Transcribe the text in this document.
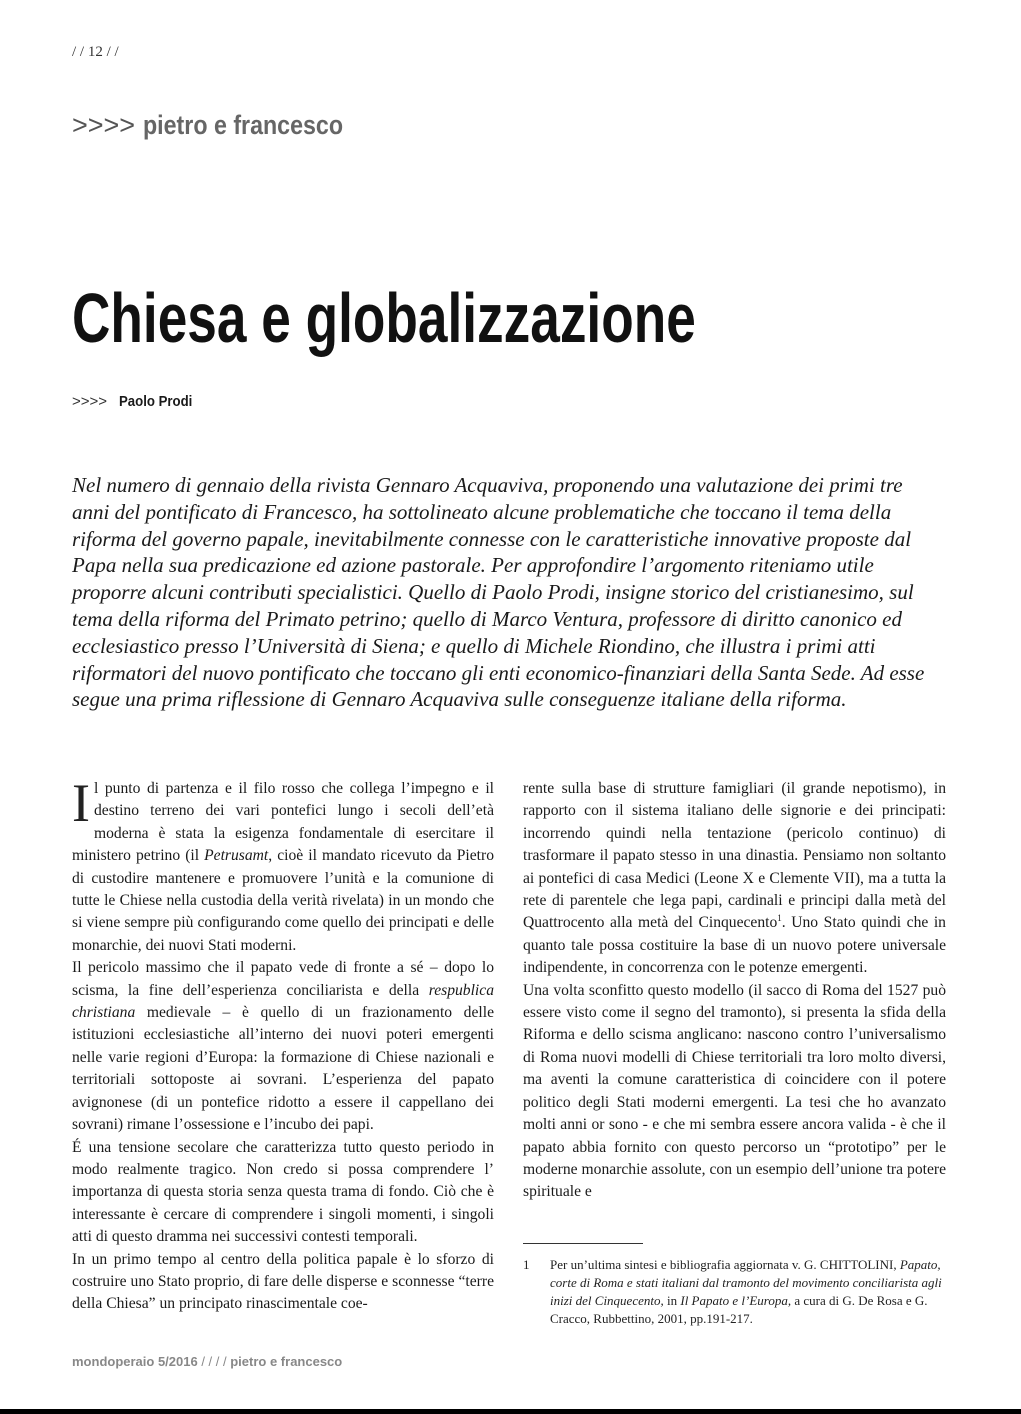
/ / 12 / /
>>>> pietro e francesco
Chiesa e globalizzazione
>>>> Paolo Prodi

Nel numero di gennaio della rivista Gennaro Acquaviva, proponendo una valutazione dei primi tre anni del pontificato di Francesco, ha sottolineato alcune problematiche che toccano il tema della riforma del governo papale, inevitabilmente connesse con le caratteristiche innovative proposte dal Papa nella sua predicazione ed azione pastorale. Per approfondire l’argomento riteniamo utile proporre alcuni contributi specialistici. Quello di Paolo Prodi, insigne storico del cristianesimo, sul tema della riforma del Primato petrino; quello di Marco Ventura, professore di diritto canonico ed ecclesiastico presso l’Università di Siena; e quello di Michele Riondino, che illustra i primi atti riformatori del nuovo pontificato che toccano gli enti economico-finanziari della Santa Sede. Ad esse segue una prima riflessione di Gennaro Acquaviva sulle conseguenze italiane della riforma.

Il punto di partenza e il filo rosso che collega l’impegno e il destino terreno dei vari pontefici lungo i secoli dell’età moderna è stata la esigenza fondamentale di esercitare il ministero petrino (il Petrusamt, cioè il mandato ricevuto da Pietro di custodire mantenere e promuovere l’unità e la comunione di tutte le Chiese nella custodia della verità rivelata) in un mondo che si viene sempre più configurando come quello dei principati e delle monarchie, dei nuovi Stati moderni.

Il pericolo massimo che il papato vede di fronte a sé – dopo lo scisma, la fine dell’esperienza conciliarista e della respublica christiana medievale – è quello di un frazionamento delle istituzioni ecclesiastiche all’interno dei nuovi poteri emergenti nelle varie regioni d’Europa: la formazione di Chiese nazionali e territoriali sottoposte ai sovrani. L’esperienza del papato avignonese (di un pontefice ridotto a essere il cappellano dei sovrani) rimane l’ossessione e l’incubo dei papi.

É una tensione secolare che caratterizza tutto questo periodo in modo realmente tragico. Non credo si possa comprendere l’ importanza di questa storia senza questa trama di fondo. Ciò che è interessante è cercare di comprendere i singoli momenti, i singoli atti di questo dramma nei successivi contesti temporali.

In un primo tempo al centro della politica papale è lo sforzo di costruire uno Stato proprio, di fare delle disperse e sconnesse “terre della Chiesa” un principato rinascimentale coe-

rente sulla base di strutture famigliari (il grande nepotismo), in rapporto con il sistema italiano delle signorie e dei principati: incorrendo quindi nella tentazione (pericolo continuo) di trasformare il papato stesso in una dinastia. Pensiamo non soltanto ai pontefici di casa Medici (Leone X e Clemente VII), ma a tutta la rete di parentele che lega papi, cardinali e principi dalla metà del Quattrocento alla metà del Cinquecento$^1$. Uno Stato quindi che in quanto tale possa costituire la base di un nuovo potere universale indipendente, in concorrenza con le potenze emergenti.

Una volta sconfitto questo modello (il sacco di Roma del 1527 può essere visto come il segno del tramonto), si presenta la sfida della Riforma e dello scisma anglicano: nascono contro l’universalismo di Roma nuovi modelli di Chiese territoriali tra loro molto diversi, ma aventi la comune caratteristica di coincidere con il potere politico degli Stati moderni emergenti. La tesi che ho avanzato molti anni or sono - e che mi sembra essere ancora valida - è che il papato abbia fornito con questo percorso un “prototipo” per le moderne monarchie assolute, con un esempio dell’unione tra potere spirituale e

1	Per un’ultima sintesi e bibliografia aggiornata v. G. CHITTOLINI, Papato, corte di Roma e stati italiani dal tramonto del movimento conciliarista agli inizi del Cinquecento, in Il Papato e l’Europa, a cura di G. De Rosa e G. Cracco, Rubbettino, 2001, pp.191-217.
mondoperaio 5/2016 / / / / pietro e francesco
